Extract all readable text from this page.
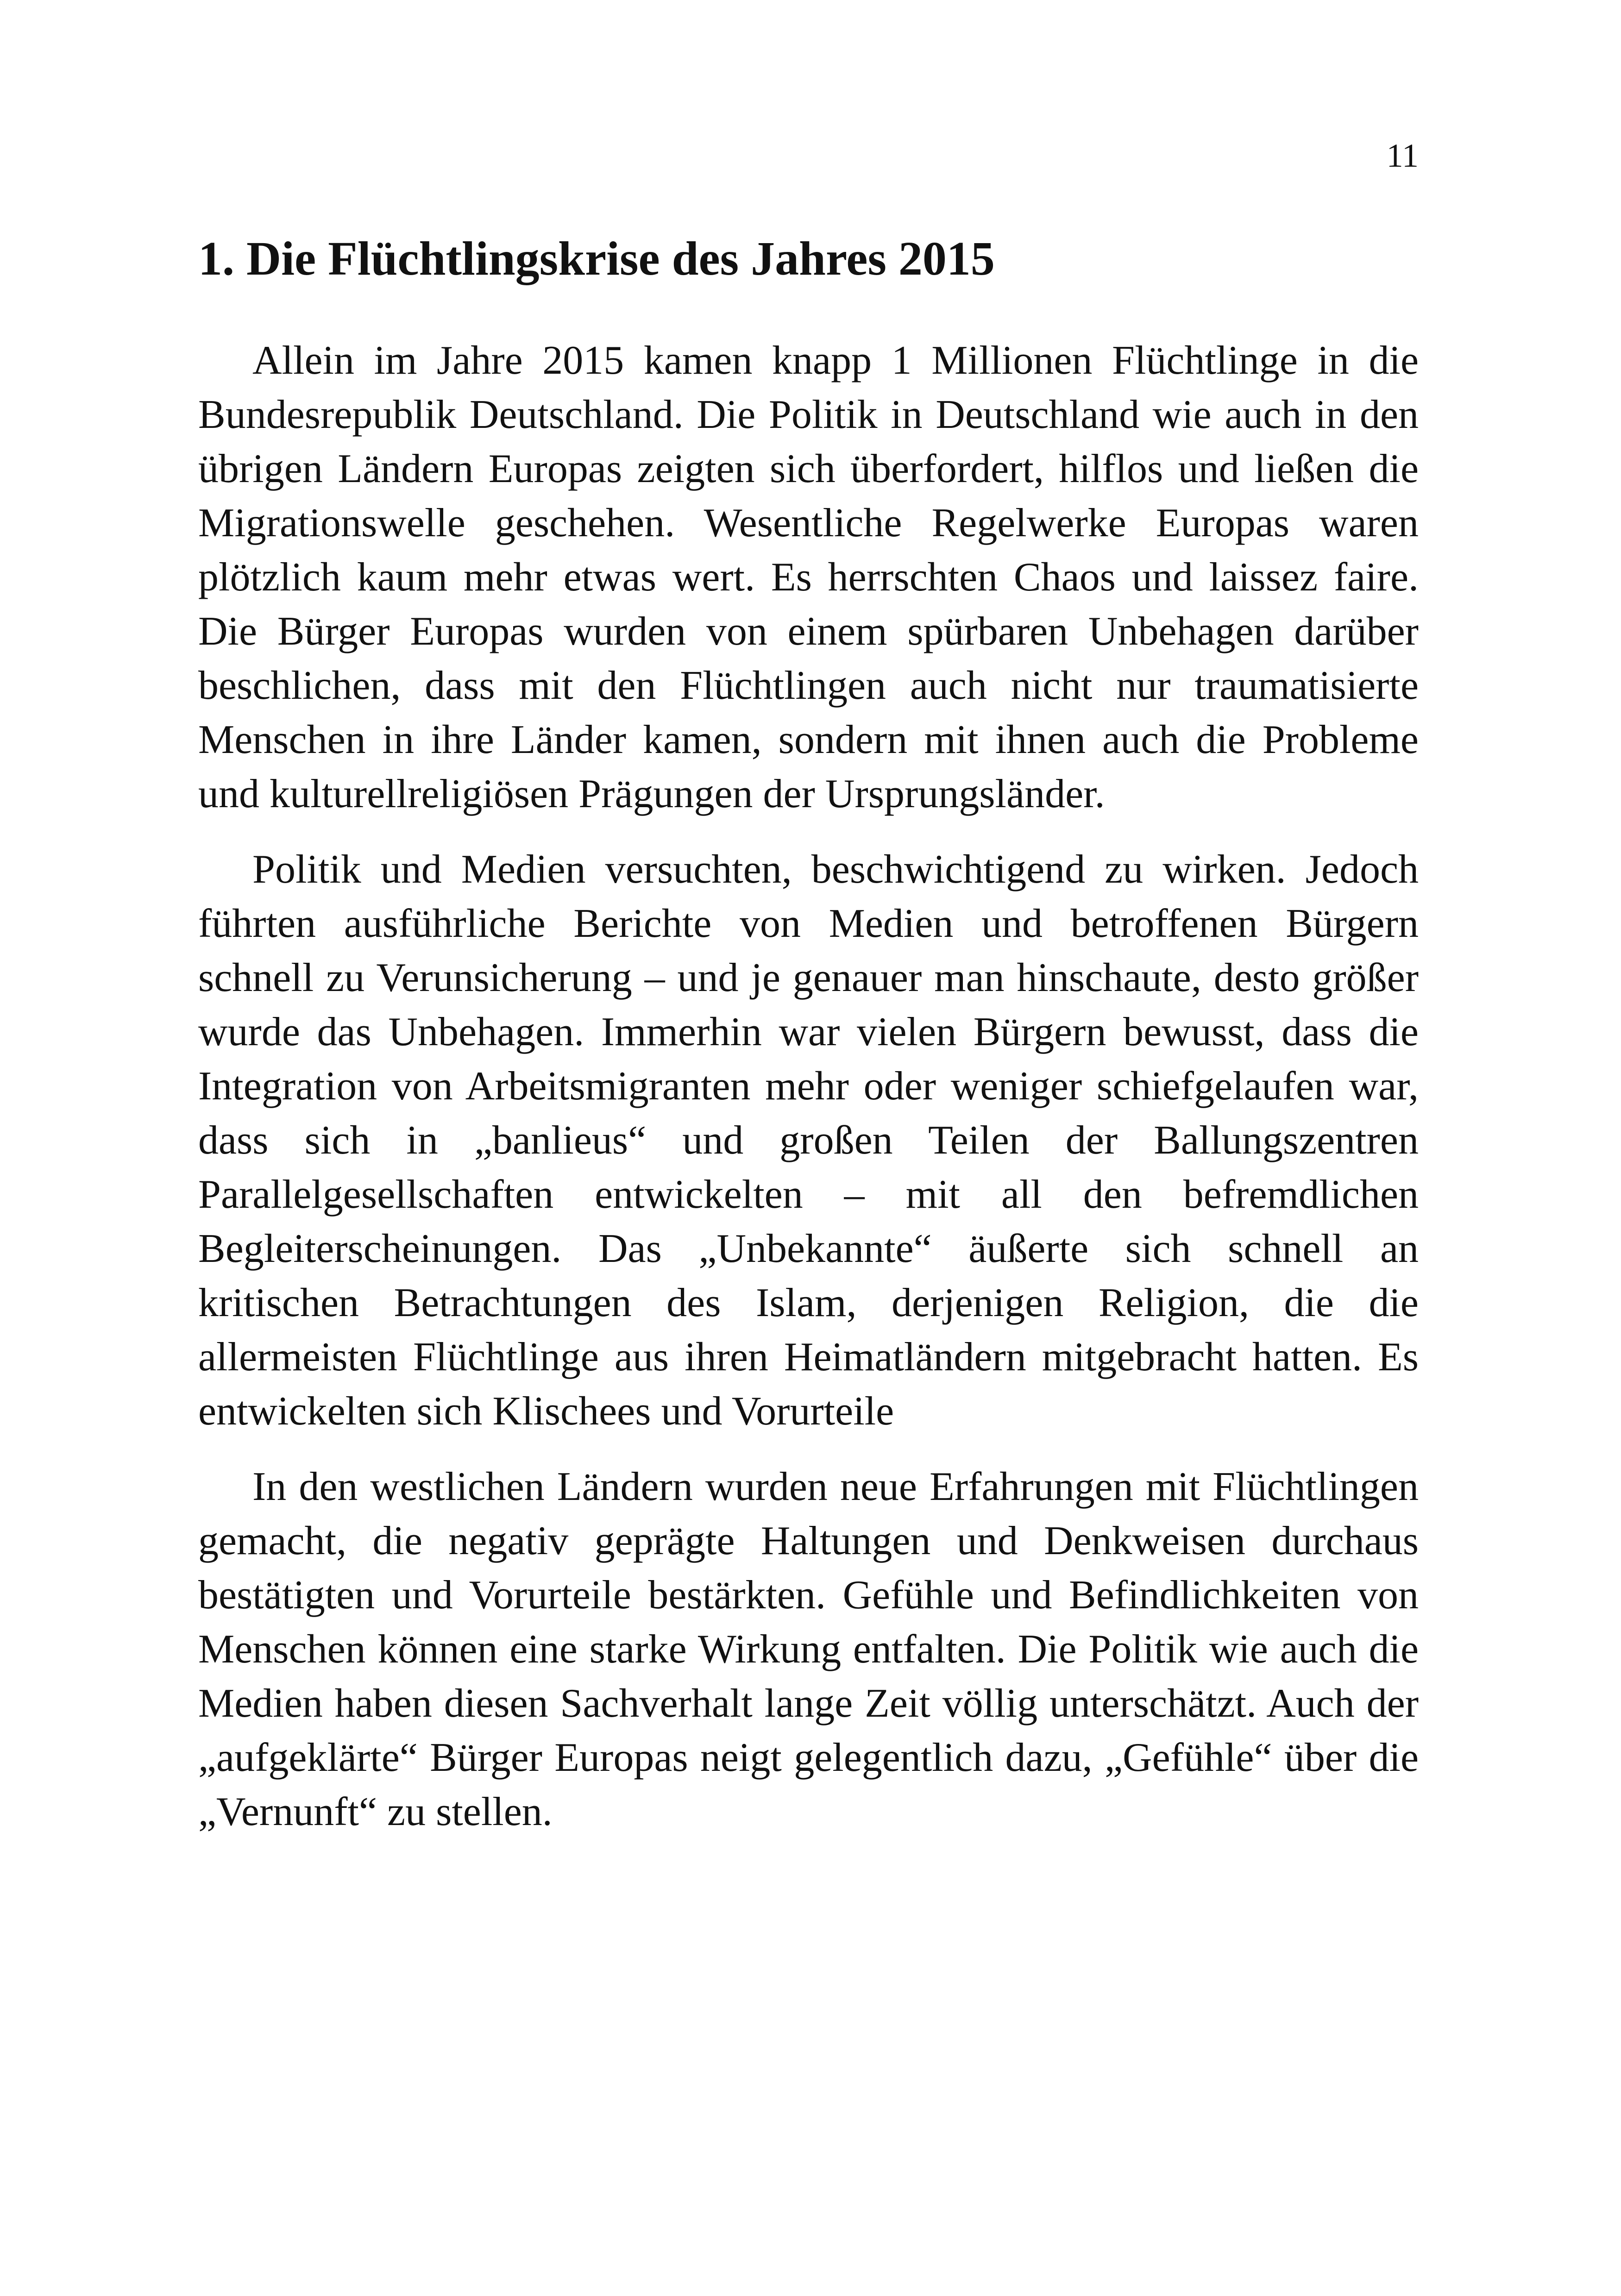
11
1. Die Flüchtlingskrise des Jahres 2015

Allein im Jahre 2015 kamen knapp 1 Millionen Flüchtlinge in die Bundesrepublik Deutschland. Die Politik in Deutschland wie auch in den übrigen Ländern Europas zeigten sich überfordert, hilflos und ließen die Migrationswelle geschehen. Wesentliche Regelwerke Europas waren plötzlich kaum mehr etwas wert. Es herrschten Chaos und laissez faire. Die Bürger Europas wurden von einem spürbaren Unbehagen darüber beschlichen, dass mit den Flüchtlingen auch nicht nur traumatisierte Menschen in ihre Länder kamen, sondern mit ihnen auch die Probleme und kulturellreligiösen Prägungen der Ursprungsländer.

Politik und Medien versuchten, beschwichtigend zu wirken. Jedoch führten ausführliche Berichte von Medien und betroffenen Bürgern schnell zu Verunsicherung – und je genauer man hinschaute, desto größer wurde das Unbehagen. Immerhin war vielen Bürgern bewusst, dass die Integration von Arbeitsmigranten mehr oder weniger schiefgelaufen war, dass sich in „banlieus“ und großen Teilen der Ballungszentren Parallelgesellschaften entwickelten – mit all den befremdlichen Begleiterscheinungen. Das „Unbekannte“ äußerte sich schnell an kritischen Betrachtungen des Islam, derjenigen Religion, die die allermeisten Flüchtlinge aus ihren Heimatländern mitgebracht hatten. Es entwickelten sich Klischees und Vorurteile

In den westlichen Ländern wurden neue Erfahrungen mit Flüchtlingen gemacht, die negativ geprägte Haltungen und Denkweisen durchaus bestätigten und Vorurteile bestärkten. Gefühle und Befindlichkeiten von Menschen können eine starke Wirkung entfalten. Die Politik wie auch die Medien haben diesen Sachverhalt lange Zeit völlig unterschätzt. Auch der „aufgeklärte“ Bürger Europas neigt gelegentlich dazu, „Gefühle“ über die „Vernunft“ zu stellen.
